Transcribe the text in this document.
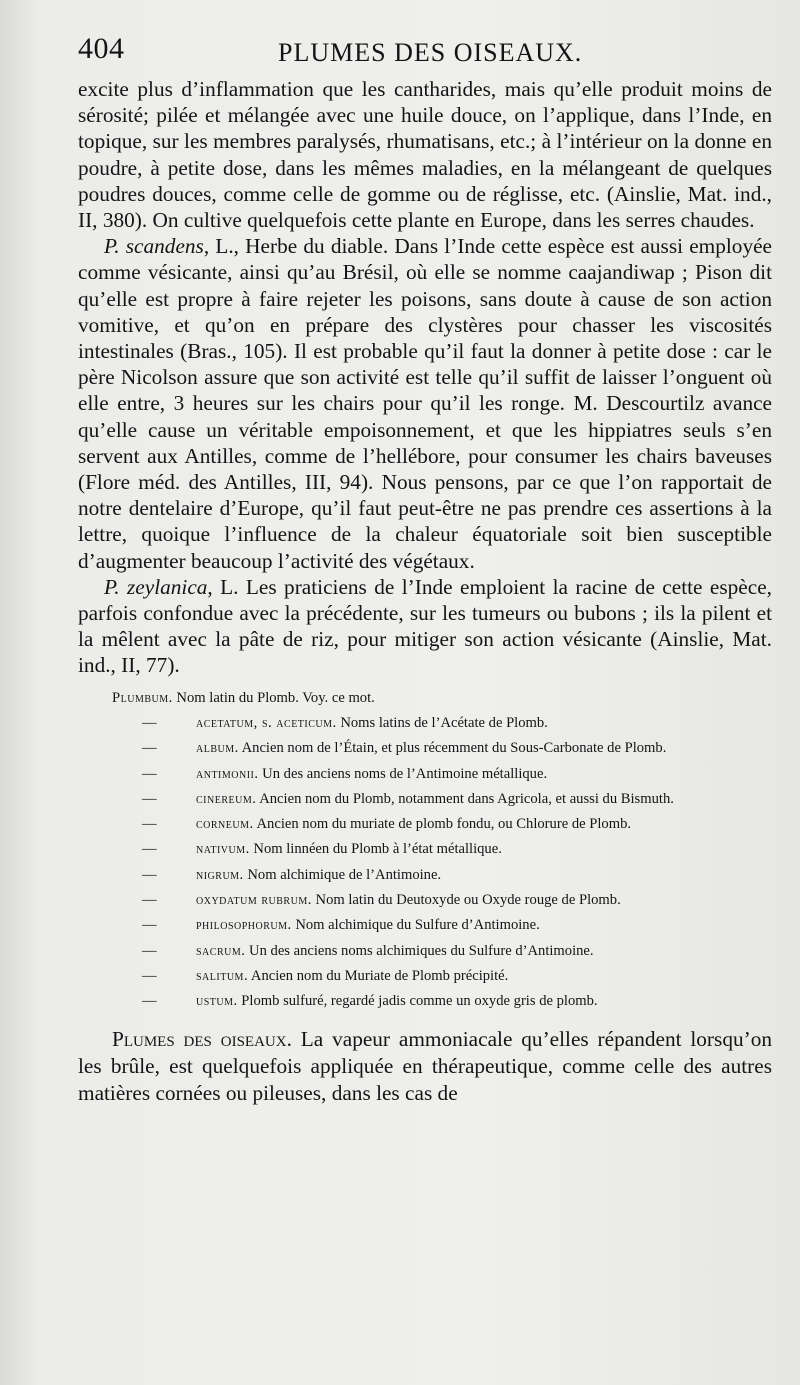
404	PLUMES DES OISEAUX.

excite plus d’inflammation que les cantharides, mais qu’elle produit moins de sérosité; pilée et mélangée avec une huile douce, on l’applique, dans l’Inde, en topique, sur les membres paralysés, rhumatisans, etc.; à l’intérieur on la donne en poudre, à petite dose, dans les mêmes maladies, en la mélangeant de quelques poudres douces, comme celle de gomme ou de réglisse, etc. (Ainslie, Mat. ind., II, 380). On cultive quelquefois cette plante en Europe, dans les serres chaudes.

P. scandens, L., Herbe du diable. Dans l’Inde cette espèce est aussi employée comme vésicante, ainsi qu’au Brésil, où elle se nomme caajandiwap ; Pison dit qu’elle est propre à faire rejeter les poisons, sans doute à cause de son action vomitive, et qu’on en prépare des clystères pour chasser les viscosités intestinales (Bras., 105). Il est probable qu’il faut la donner à petite dose : car le père Nicolson assure que son activité est telle qu’il suffit de laisser l’onguent où elle entre, 3 heures sur les chairs pour qu’il les ronge. M. Descourtilz avance qu’elle cause un véritable empoisonnement, et que les hippiatres seuls s’en servent aux Antilles, comme de l’hellébore, pour consumer les chairs baveuses (Flore méd. des Antilles, III, 94). Nous pensons, par ce que l’on rapportait de notre dentelaire d’Europe, qu’il faut peut-être ne pas prendre ces assertions à la lettre, quoique l’influence de la chaleur équatoriale soit bien susceptible d’augmenter beaucoup l’activité des végétaux.

P. zeylanica, L. Les praticiens de l’Inde emploient la racine de cette espèce, parfois confondue avec la précédente, sur les tumeurs ou bubons ; ils la pilent et la mêlent avec la pâte de riz, pour mitiger son action vésicante (Ainslie, Mat. ind., II, 77).

Plumbum. Nom latin du Plomb. Voy. ce mot.

—	acetatum, s. aceticum. Noms latins de l’Acétate de Plomb.
—	album. Ancien nom de l’Étain, et plus récemment du Sous-Carbonate de Plomb.
—	antimonii. Un des anciens noms de l’Antimoine métallique.
—	cinereum. Ancien nom du Plomb, notamment dans Agricola, et aussi du Bismuth.
—	corneum. Ancien nom du muriate de plomb fondu, ou Chlorure de Plomb.
—	nativum. Nom linnéen du Plomb à l’état métallique.
—	nigrum. Nom alchimique de l’Antimoine.
—	oxydatum rubrum. Nom latin du Deutoxyde ou Oxyde rouge de Plomb.
—	philosophorum. Nom alchimique du Sulfure d’Antimoine.
—	sacrum. Un des anciens noms alchimiques du Sulfure d’Antimoine.
—	salitum. Ancien nom du Muriate de Plomb précipité.
—	ustum. Plomb sulfuré, regardé jadis comme un oxyde gris de plomb.

Plumes des oiseaux. La vapeur ammoniacale qu’elles répandent lorsqu’on les brûle, est quelquefois appliquée en thérapeutique, comme celle des autres matières cornées ou pileuses, dans les cas de
